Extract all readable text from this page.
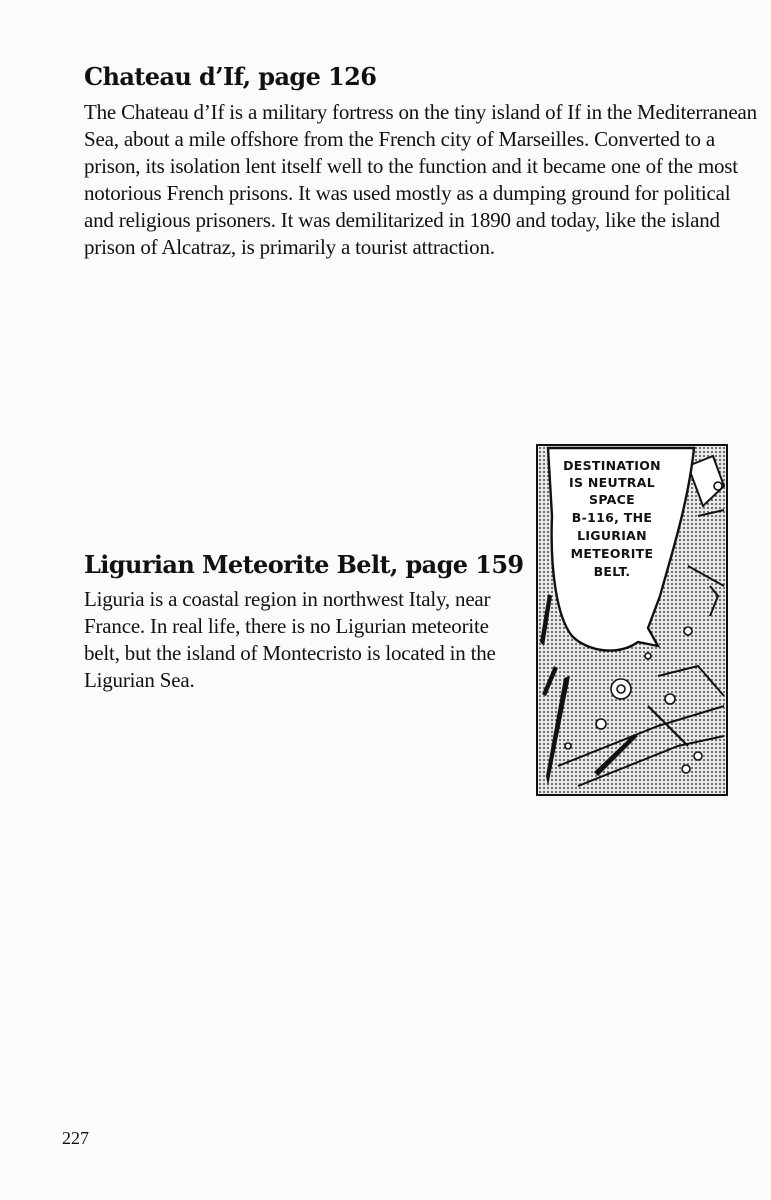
Chateau d’If, page 126

The Chateau d’If is a military fortress on the tiny island of If in the Mediterranean Sea, about a mile offshore from the French city of Marseilles. Converted to a prison, its isolation lent itself well to the function and it became one of the most notorious French prisons. It was used mostly as a dumping ground for political and religious prisoners. It was demilitarized in 1890 and today, like the island prison of Alcatraz, is primarily a tourist attraction.

Ligurian Meteorite Belt, page 159

Liguria is a coastal region in northwest Italy, near France. In real life, there is no Ligurian meteorite belt, but the island of Montecristo is located in the Ligurian Sea.

DESTINATION
IS NEUTRAL
SPACE
B-116, THE
LIGURIAN
METEORITE
BELT.

227
